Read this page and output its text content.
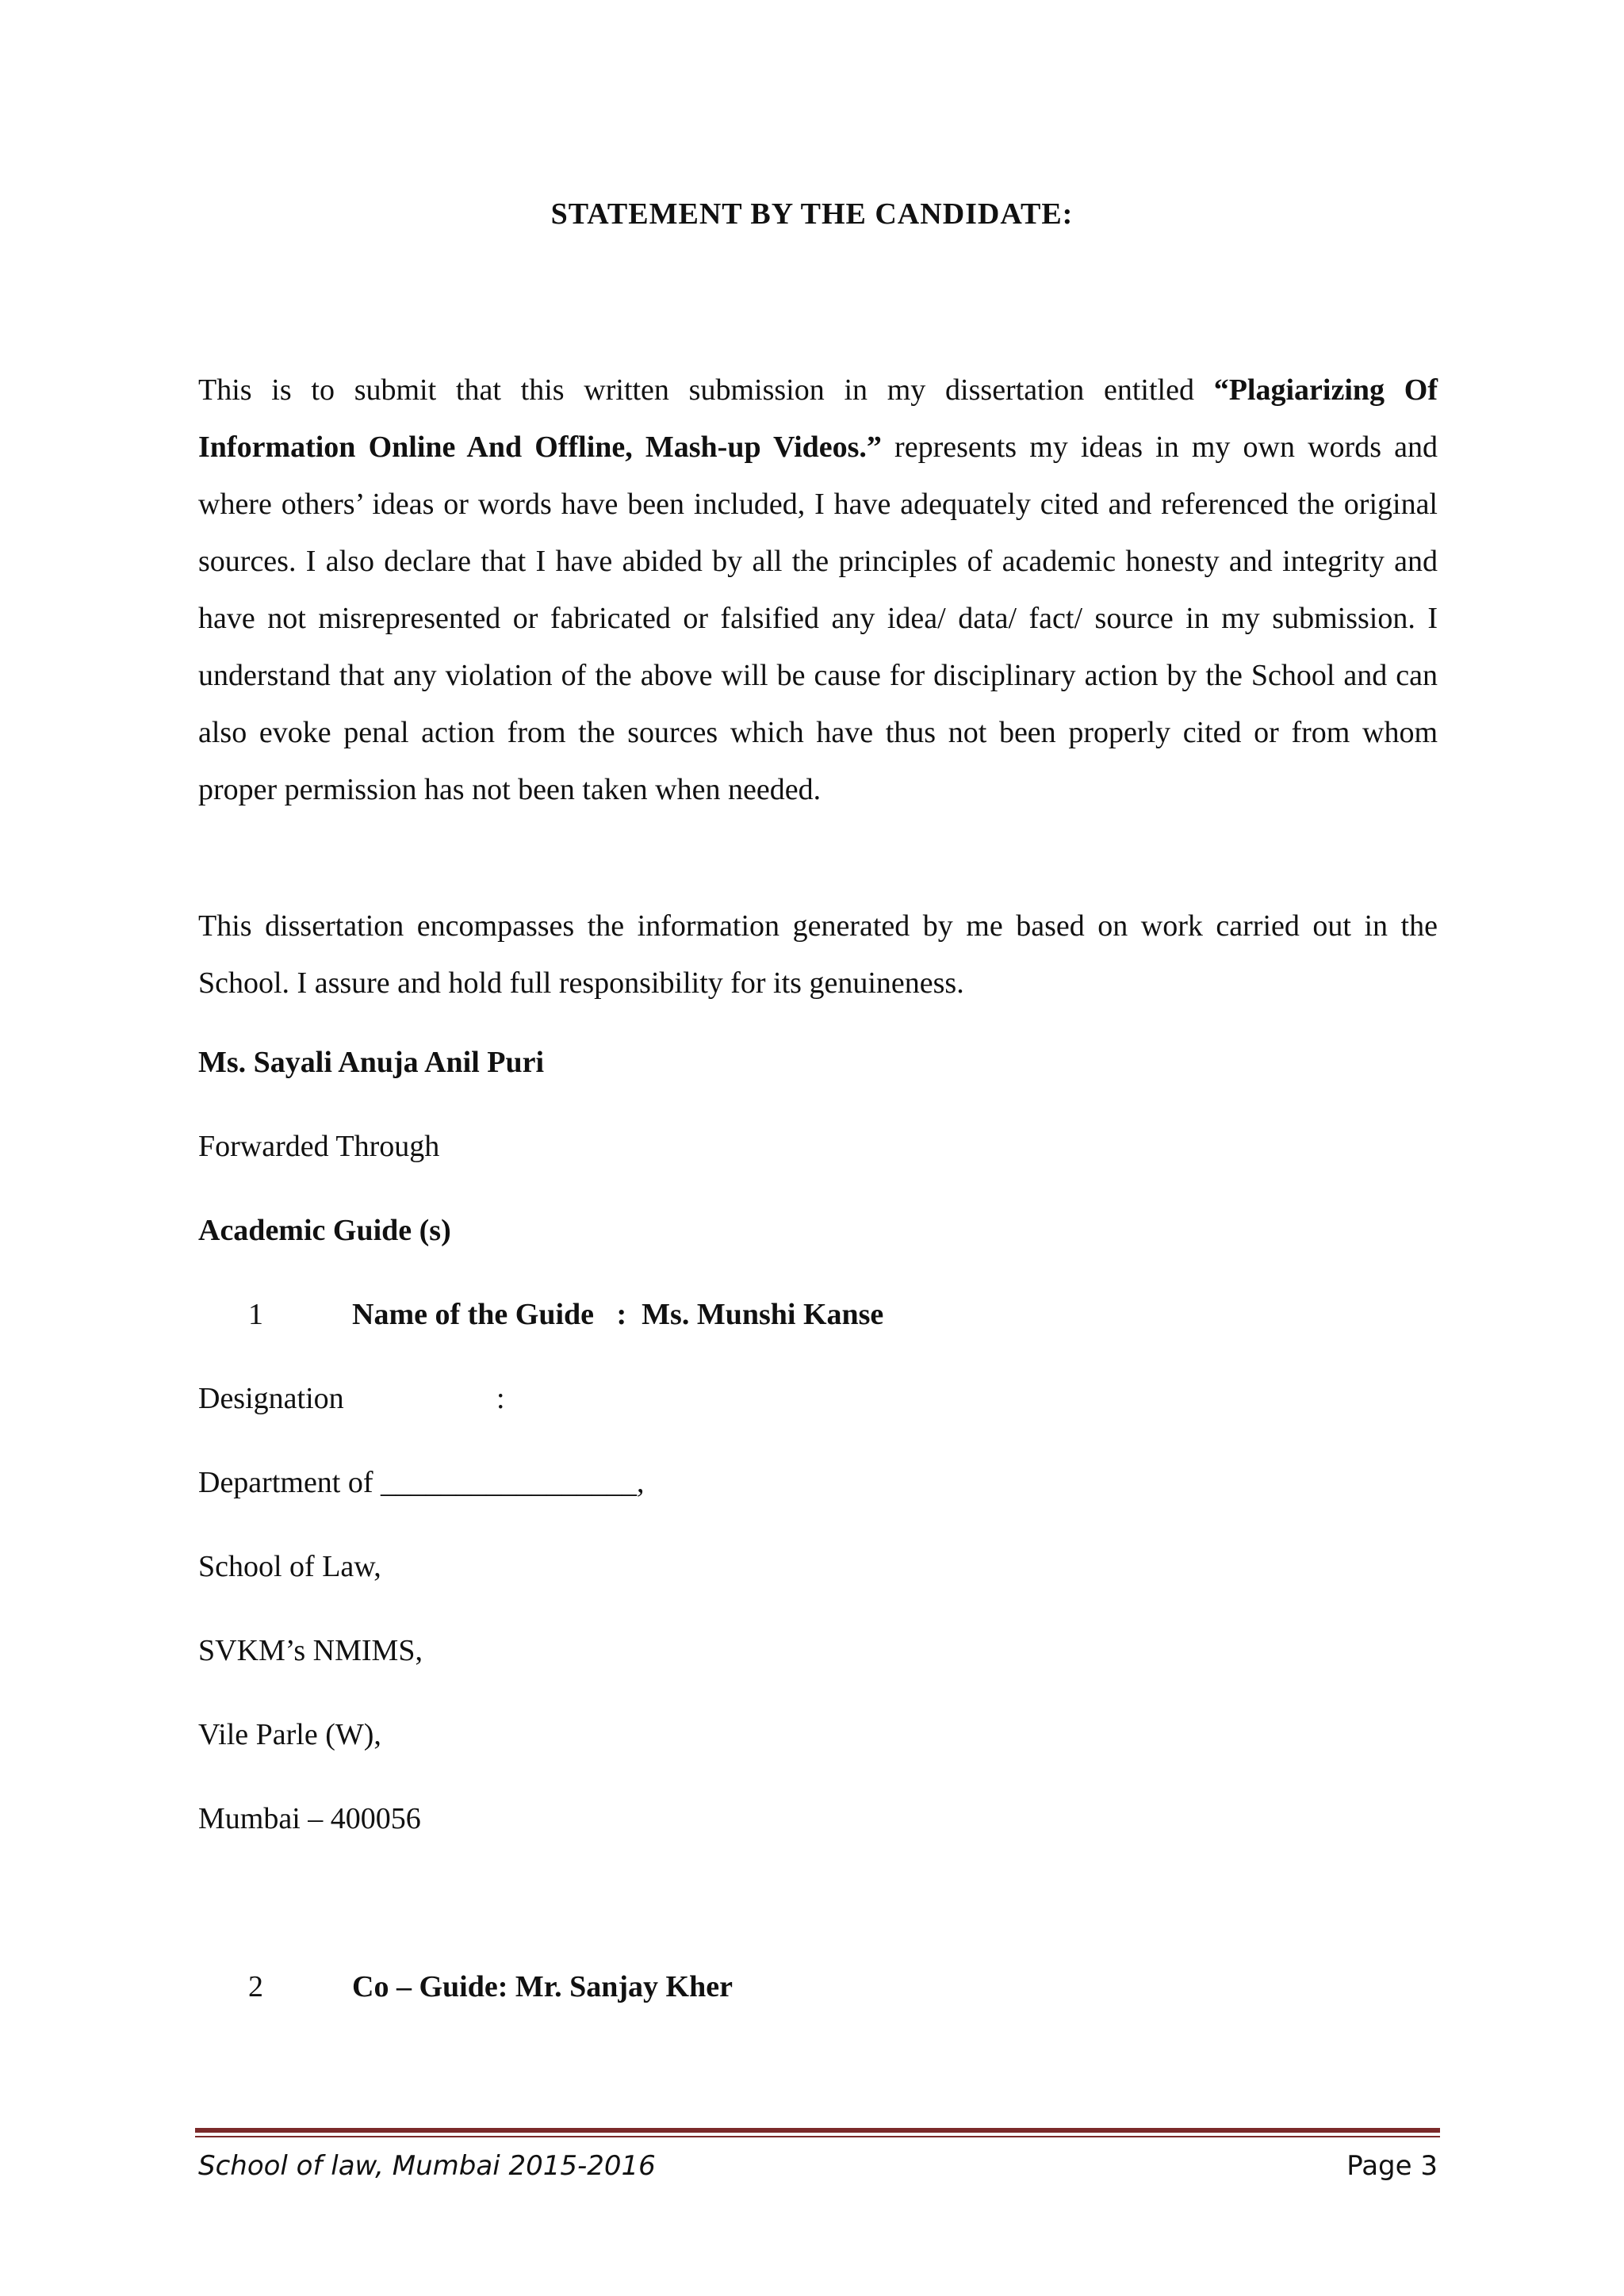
STATEMENT BY THE CANDIDATE:
This is to submit that this written submission in my dissertation entitled “Plagiarizing Of Information Online And Offline, Mash-up Videos.” represents my ideas in my own words and where others’ ideas or words have been included, I have adequately cited and referenced the original sources. I also declare that I have abided by all the principles of academic honesty and integrity and have not misrepresented or fabricated or falsified any idea/ data/ fact/ source in my submission. I understand that any violation of the above will be cause for disciplinary action by the School and can also evoke penal action from the sources which have thus not been properly cited or from whom proper permission has not been taken when needed.
This dissertation encompasses the information generated by me based on work carried out in the School. I assure and hold full responsibility for its genuineness.
Ms. Sayali Anuja Anil Puri
Forwarded Through
Academic Guide (s)
1	Name of the Guide   :  Ms. Munshi Kanse
Designation	:
Department of _________________,
School of Law,
SVKM’s NMIMS,
Vile Parle (W),
Mumbai – 400056
2	Co – Guide: Mr. Sanjay Kher
School of law, Mumbai 2015-2016	Page 3
